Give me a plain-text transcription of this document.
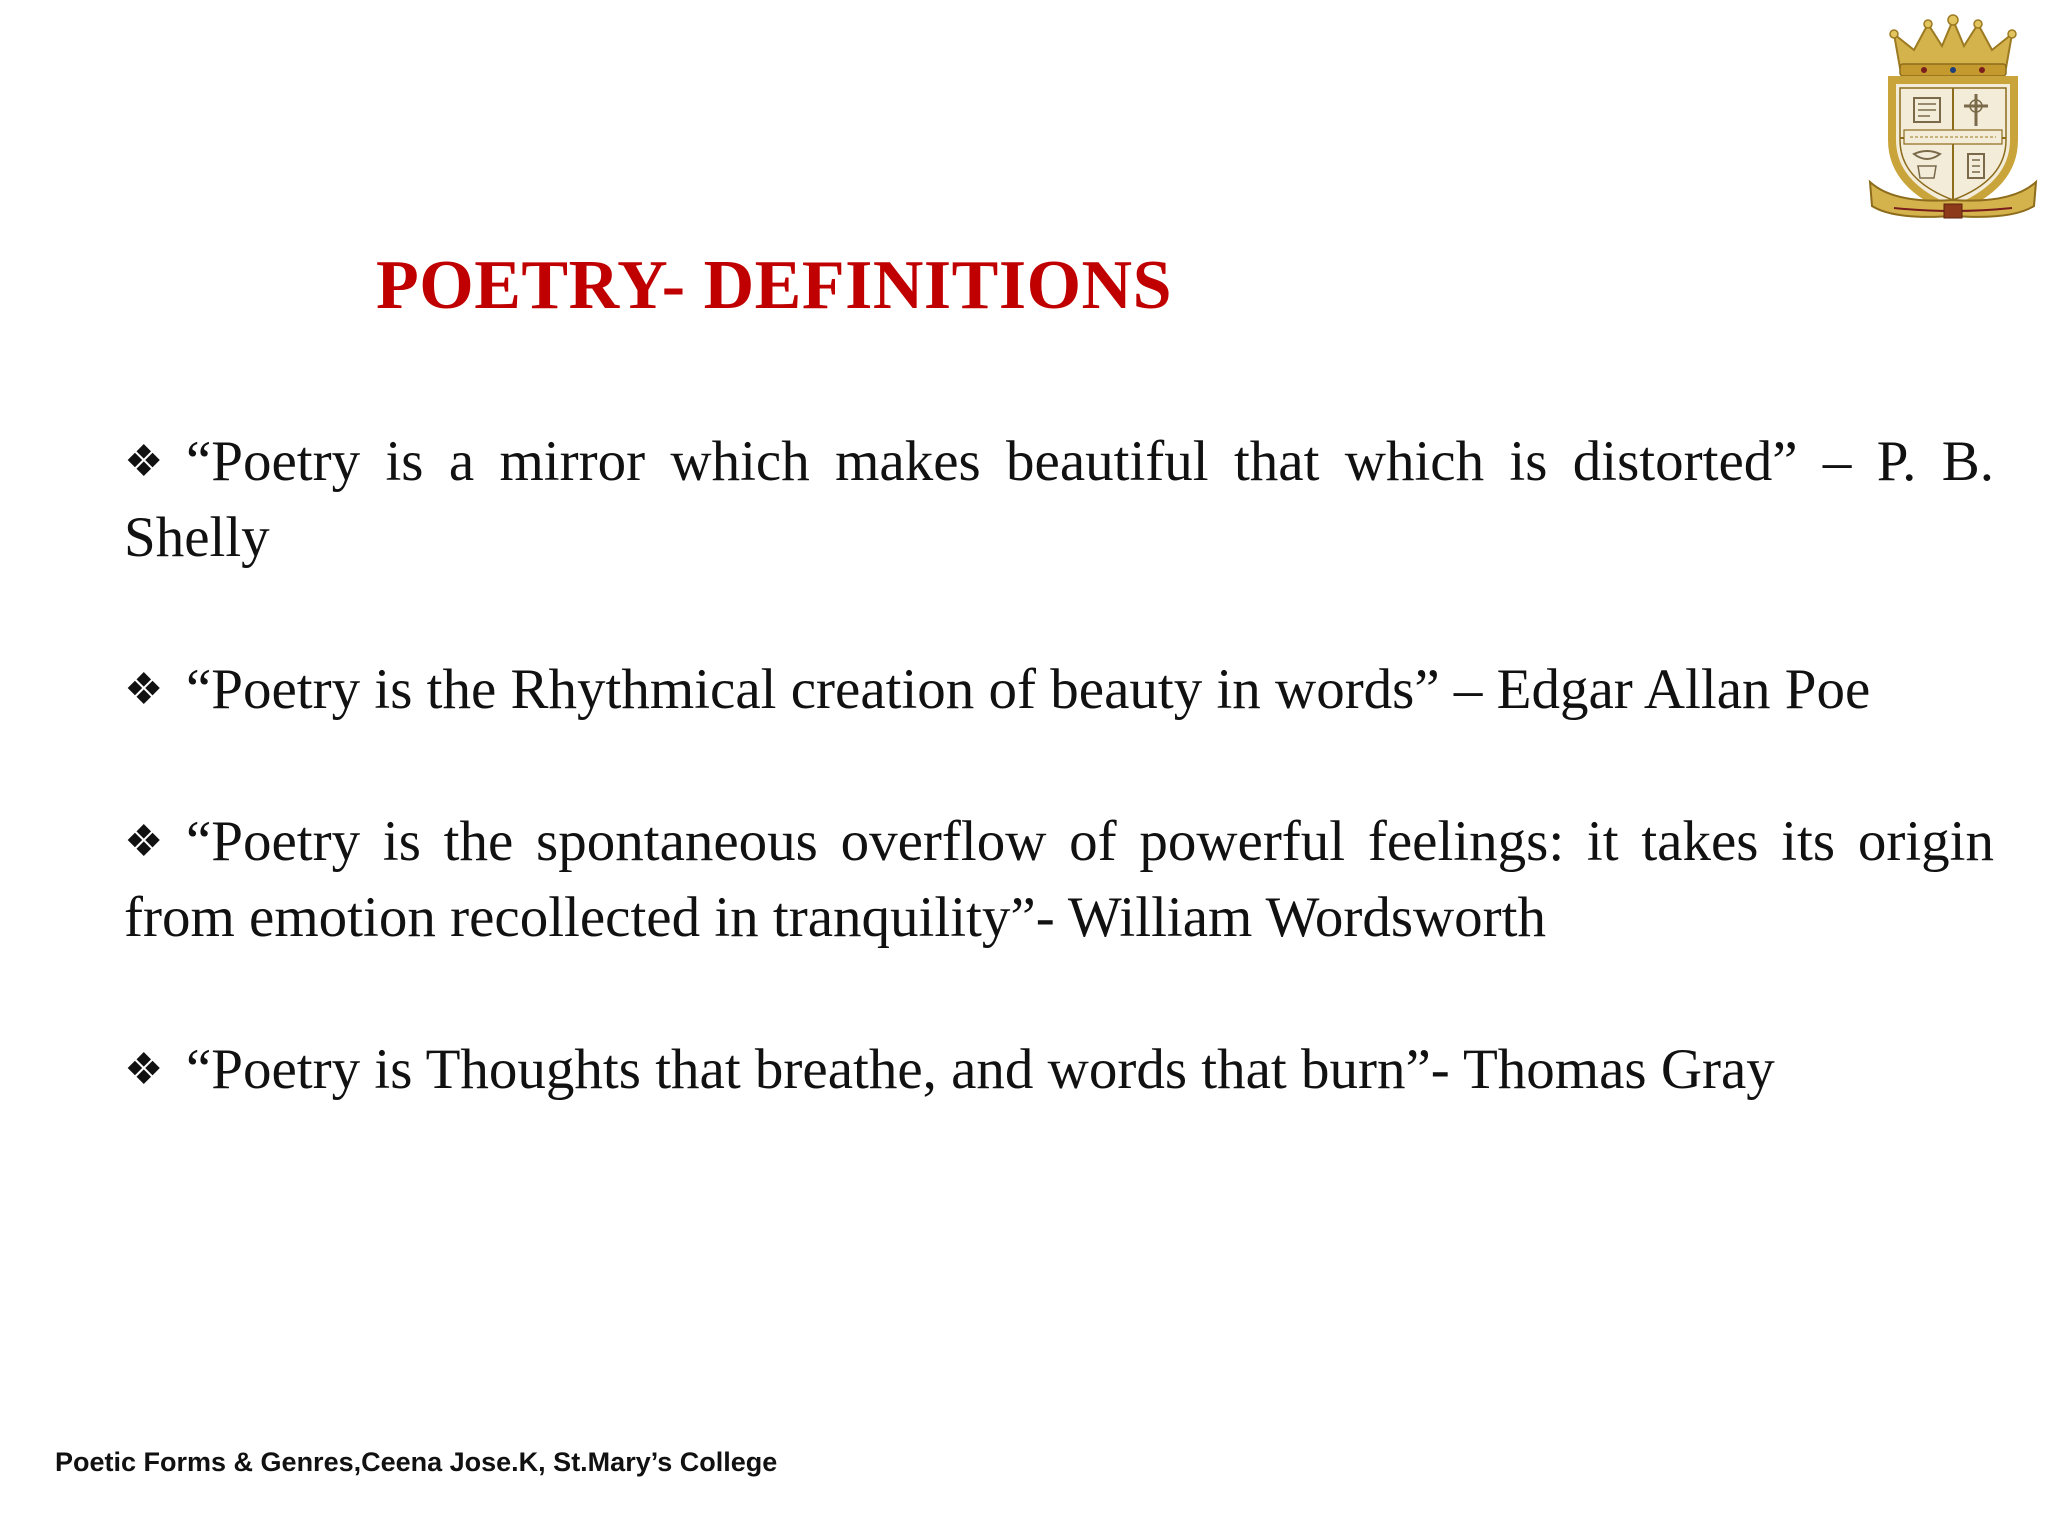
POETRY- DEFINITIONS
❖ “Poetry is a mirror which makes beautiful that which is distorted” – P. B. Shelly
❖ “Poetry is the Rhythmical creation of beauty in words” – Edgar Allan Poe
❖ “Poetry is the spontaneous overflow of powerful feelings: it takes its origin from emotion recollected in tranquility”- William Wordsworth
❖ “Poetry is Thoughts that breathe, and words that burn”- Thomas Gray
Poetic Forms & Genres,Ceena Jose.K, St.Mary’s College
